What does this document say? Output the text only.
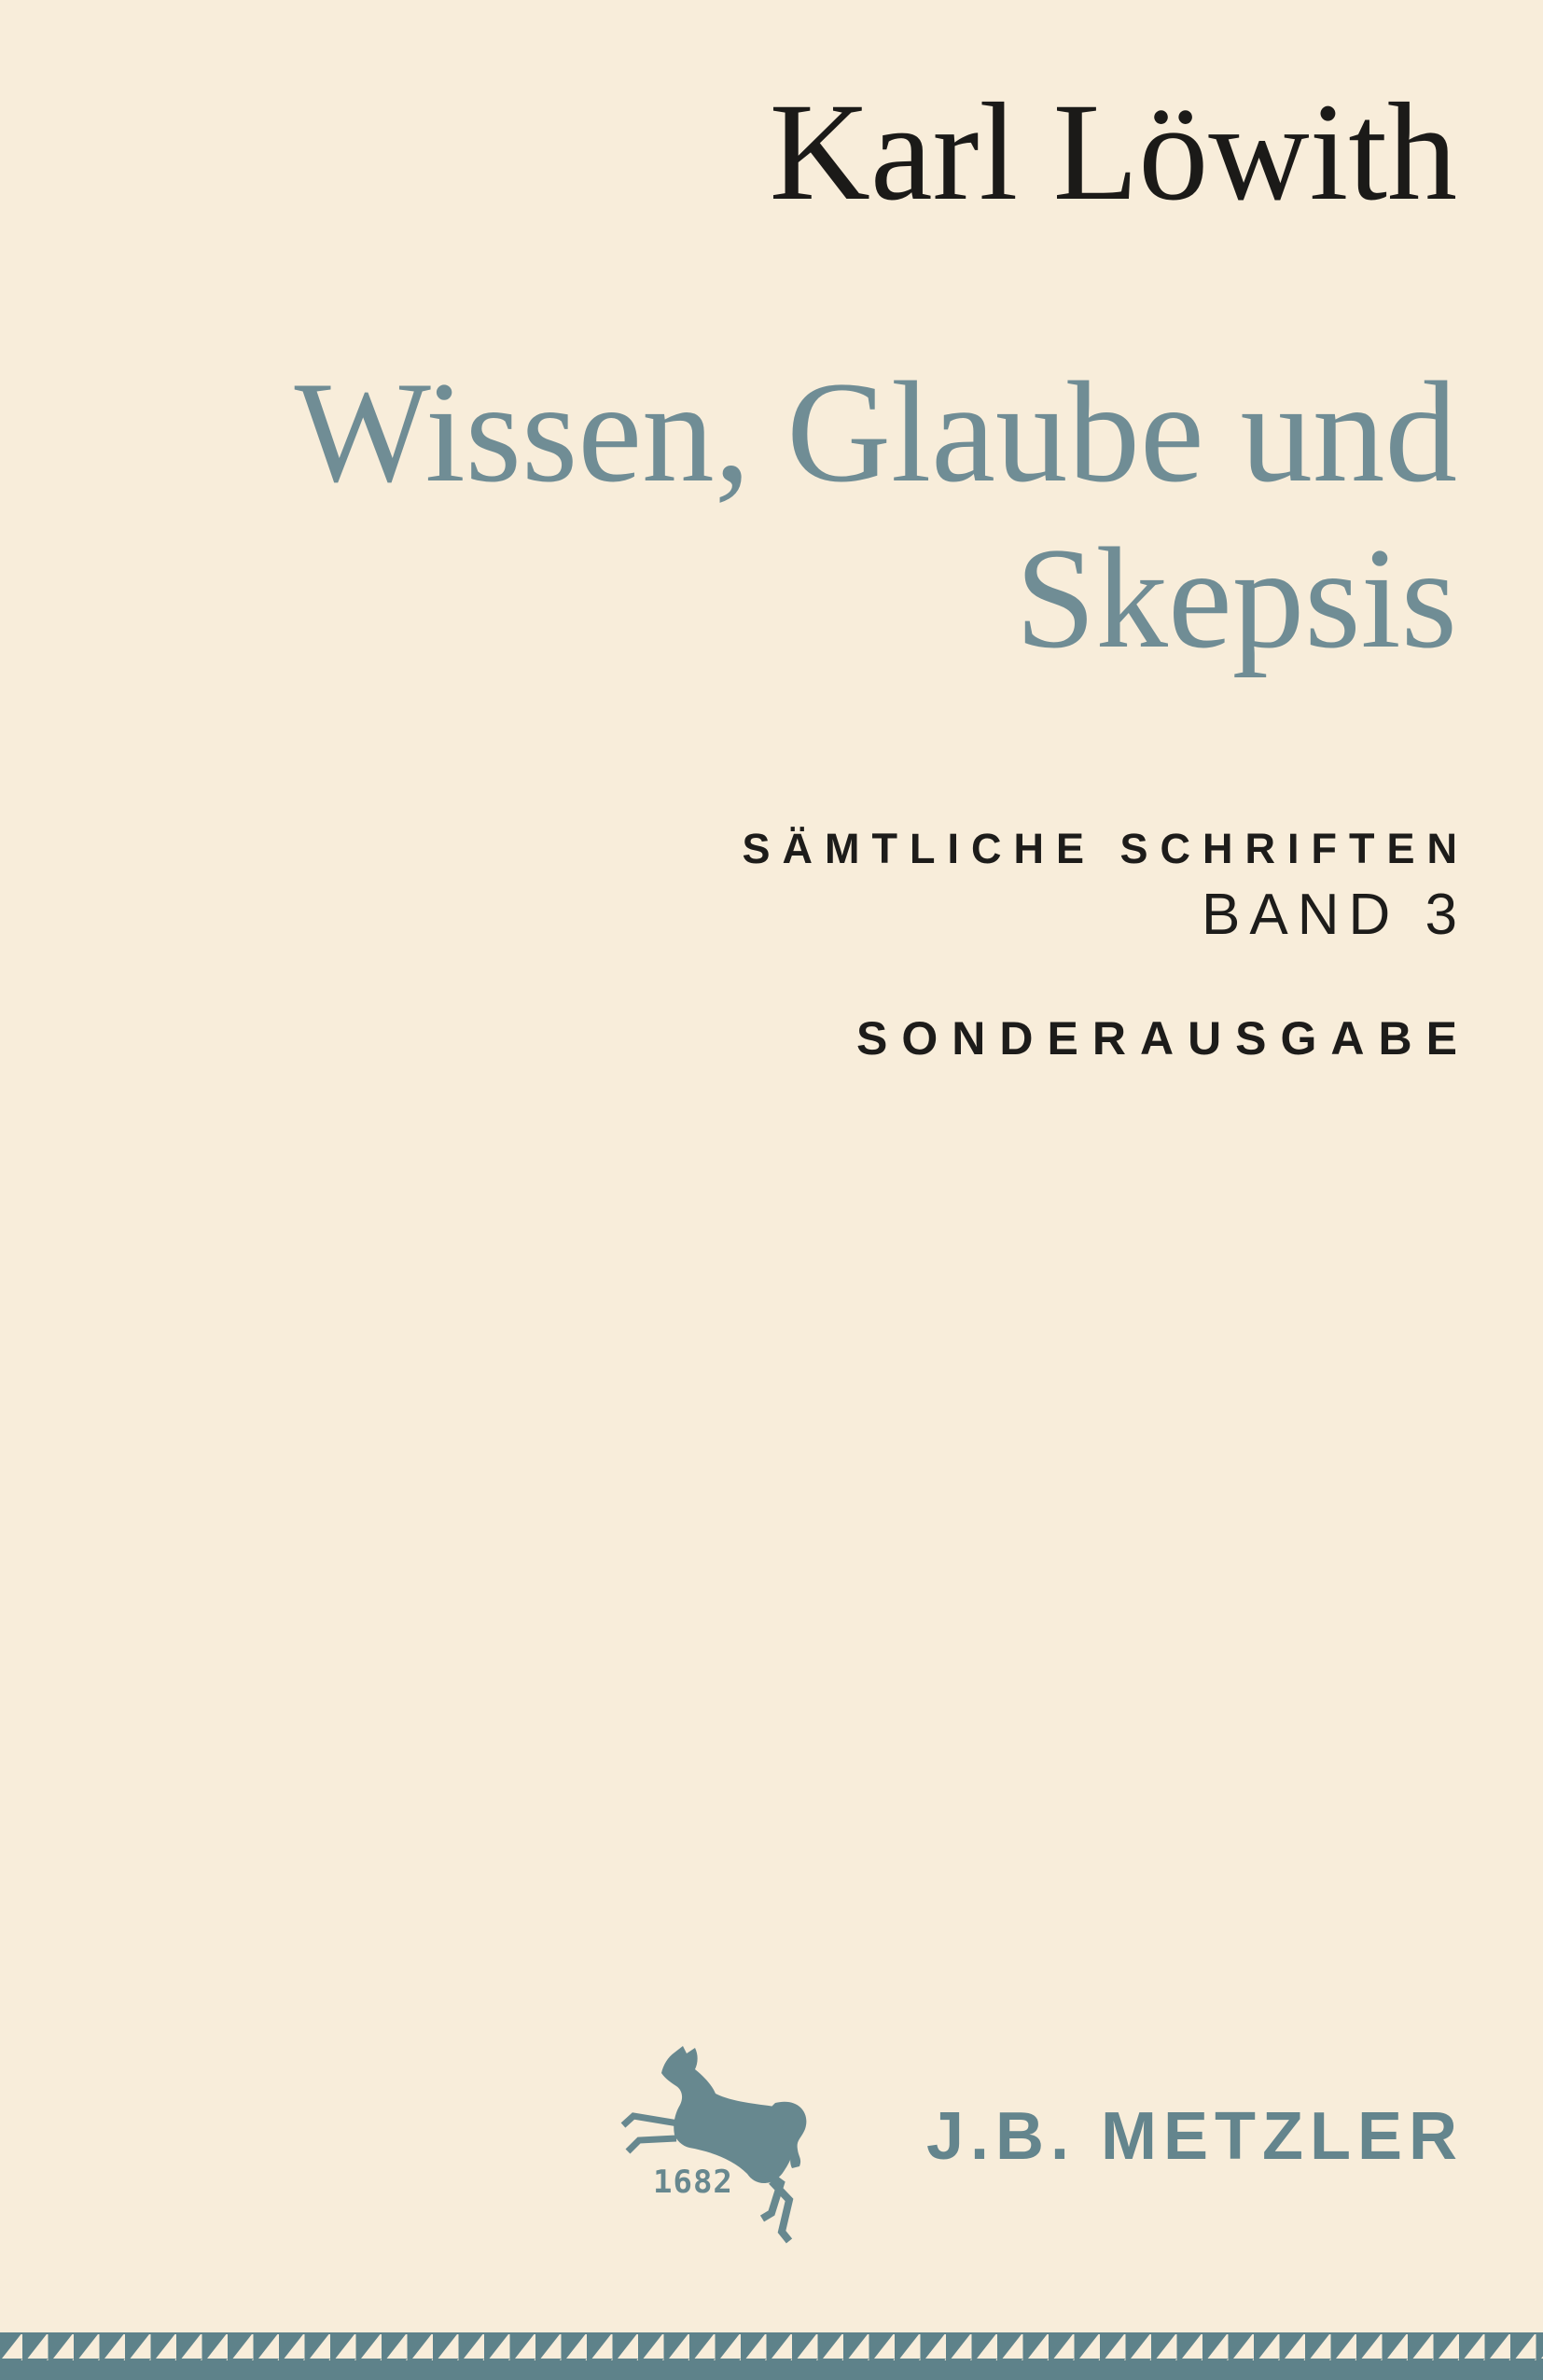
Karl Löwith
Wissen, Glaube und
Skepsis
SÄMTLICHE SCHRIFTEN
BAND 3
SONDERAUSGABE
1682
J.B. METZLER
